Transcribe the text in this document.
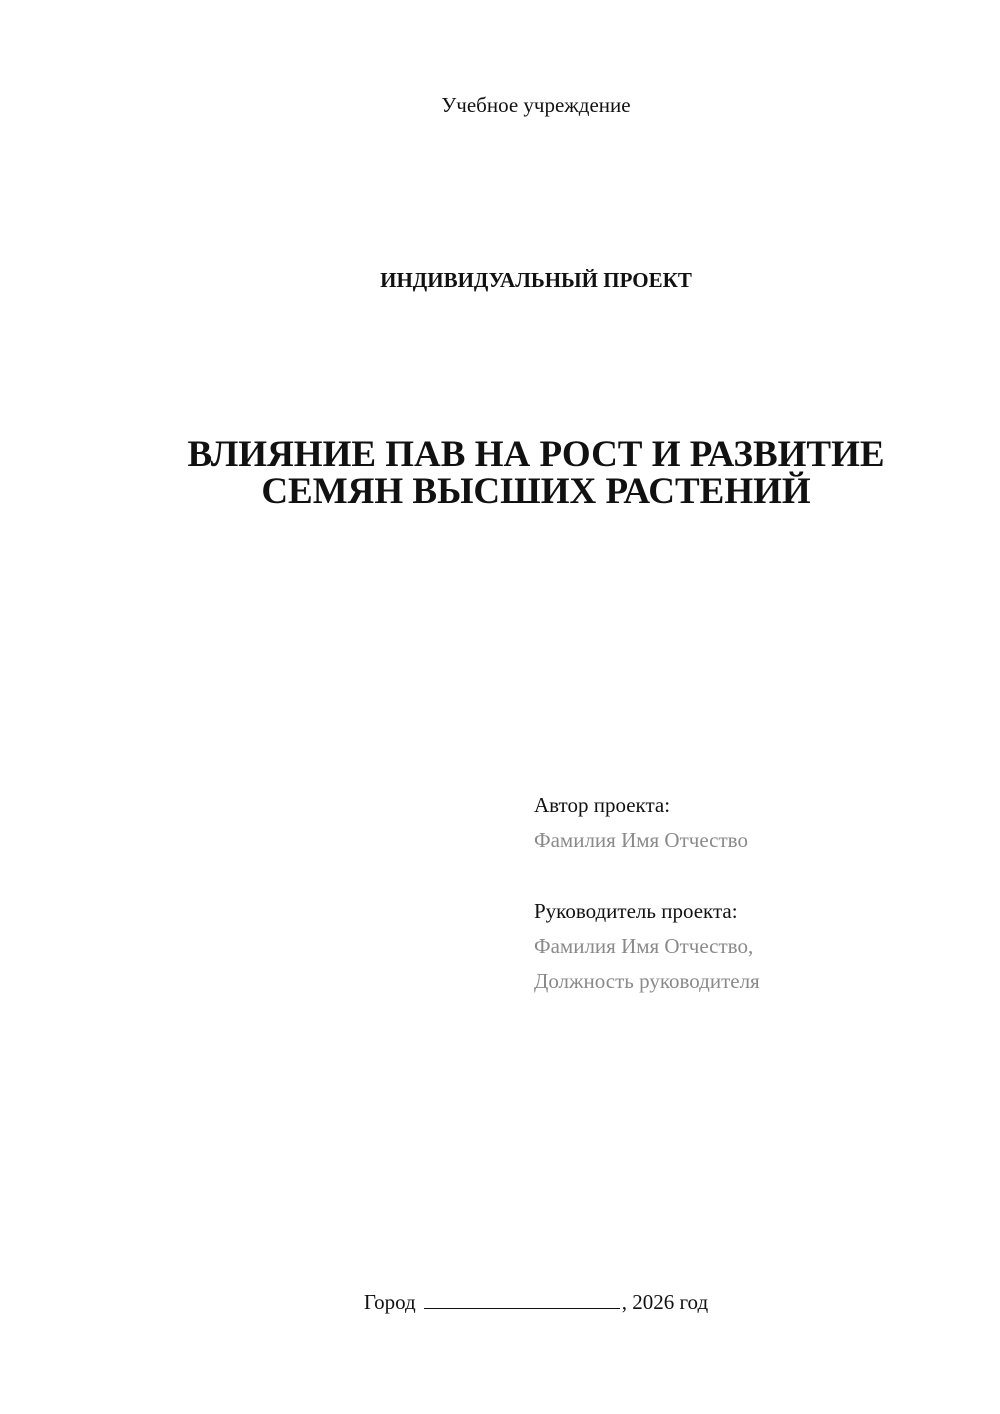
Учебное учреждение
ИНДИВИДУАЛЬНЫЙ ПРОЕКТ
ВЛИЯНИЕ ПАВ НА РОСТ И РАЗВИТИЕ
СЕМЯН ВЫСШИХ РАСТЕНИЙ
Автор проекта:
Фамилия Имя Отчество
Руководитель проекта:
Фамилия Имя Отчество,
Должность руководителя
Город	, 2026 год
